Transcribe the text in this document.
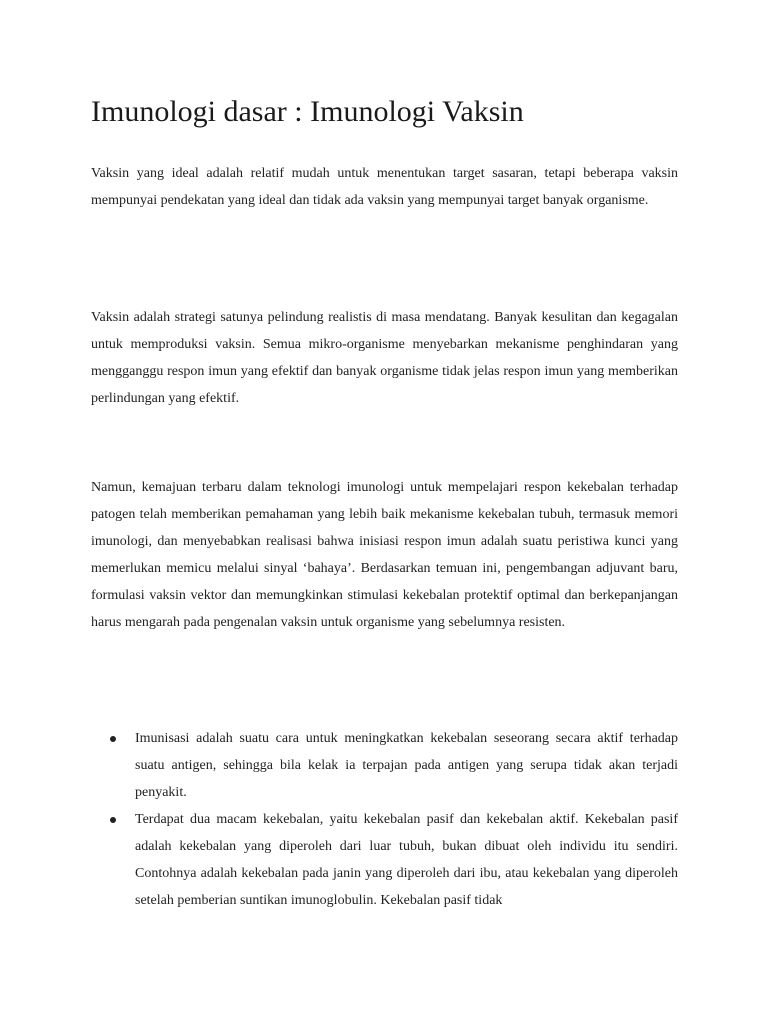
Imunologi dasar : Imunologi Vaksin

Vaksin yang ideal adalah relatif mudah untuk menentukan target sasaran, tetapi beberapa vaksin mempunyai pendekatan yang ideal dan tidak ada vaksin yang mempunyai target banyak organisme.

Vaksin adalah strategi satunya pelindung realistis di masa mendatang. Banyak kesulitan dan kegagalan untuk memproduksi vaksin. Semua mikro-organisme menyebarkan mekanisme penghindaran yang mengganggu respon imun yang efektif dan banyak organisme tidak jelas respon imun yang memberikan perlindungan yang efektif.

Namun, kemajuan terbaru dalam teknologi imunologi untuk mempelajari respon kekebalan terhadap patogen telah memberikan pemahaman yang lebih baik mekanisme kekebalan tubuh, termasuk memori imunologi, dan menyebabkan realisasi bahwa inisiasi respon imun adalah suatu peristiwa kunci yang memerlukan memicu melalui sinyal ‘bahaya’. Berdasarkan temuan ini, pengembangan adjuvant baru, formulasi vaksin vektor dan memungkinkan stimulasi kekebalan protektif optimal dan berkepanjangan harus mengarah pada pengenalan vaksin untuk organisme yang sebelumnya resisten.

Imunisasi adalah suatu cara untuk meningkatkan kekebalan seseorang secara aktif terhadap suatu antigen, sehingga bila kelak ia terpajan pada antigen yang serupa tidak akan terjadi penyakit.
Terdapat dua macam kekebalan, yaitu kekebalan pasif dan kekebalan aktif. Kekebalan pasif adalah kekebalan yang diperoleh dari luar tubuh, bukan dibuat oleh individu itu sendiri. Contohnya adalah kekebalan pada janin yang diperoleh dari ibu, atau kekebalan yang diperoleh setelah pemberian suntikan imunoglobulin. Kekebalan pasif tidak
